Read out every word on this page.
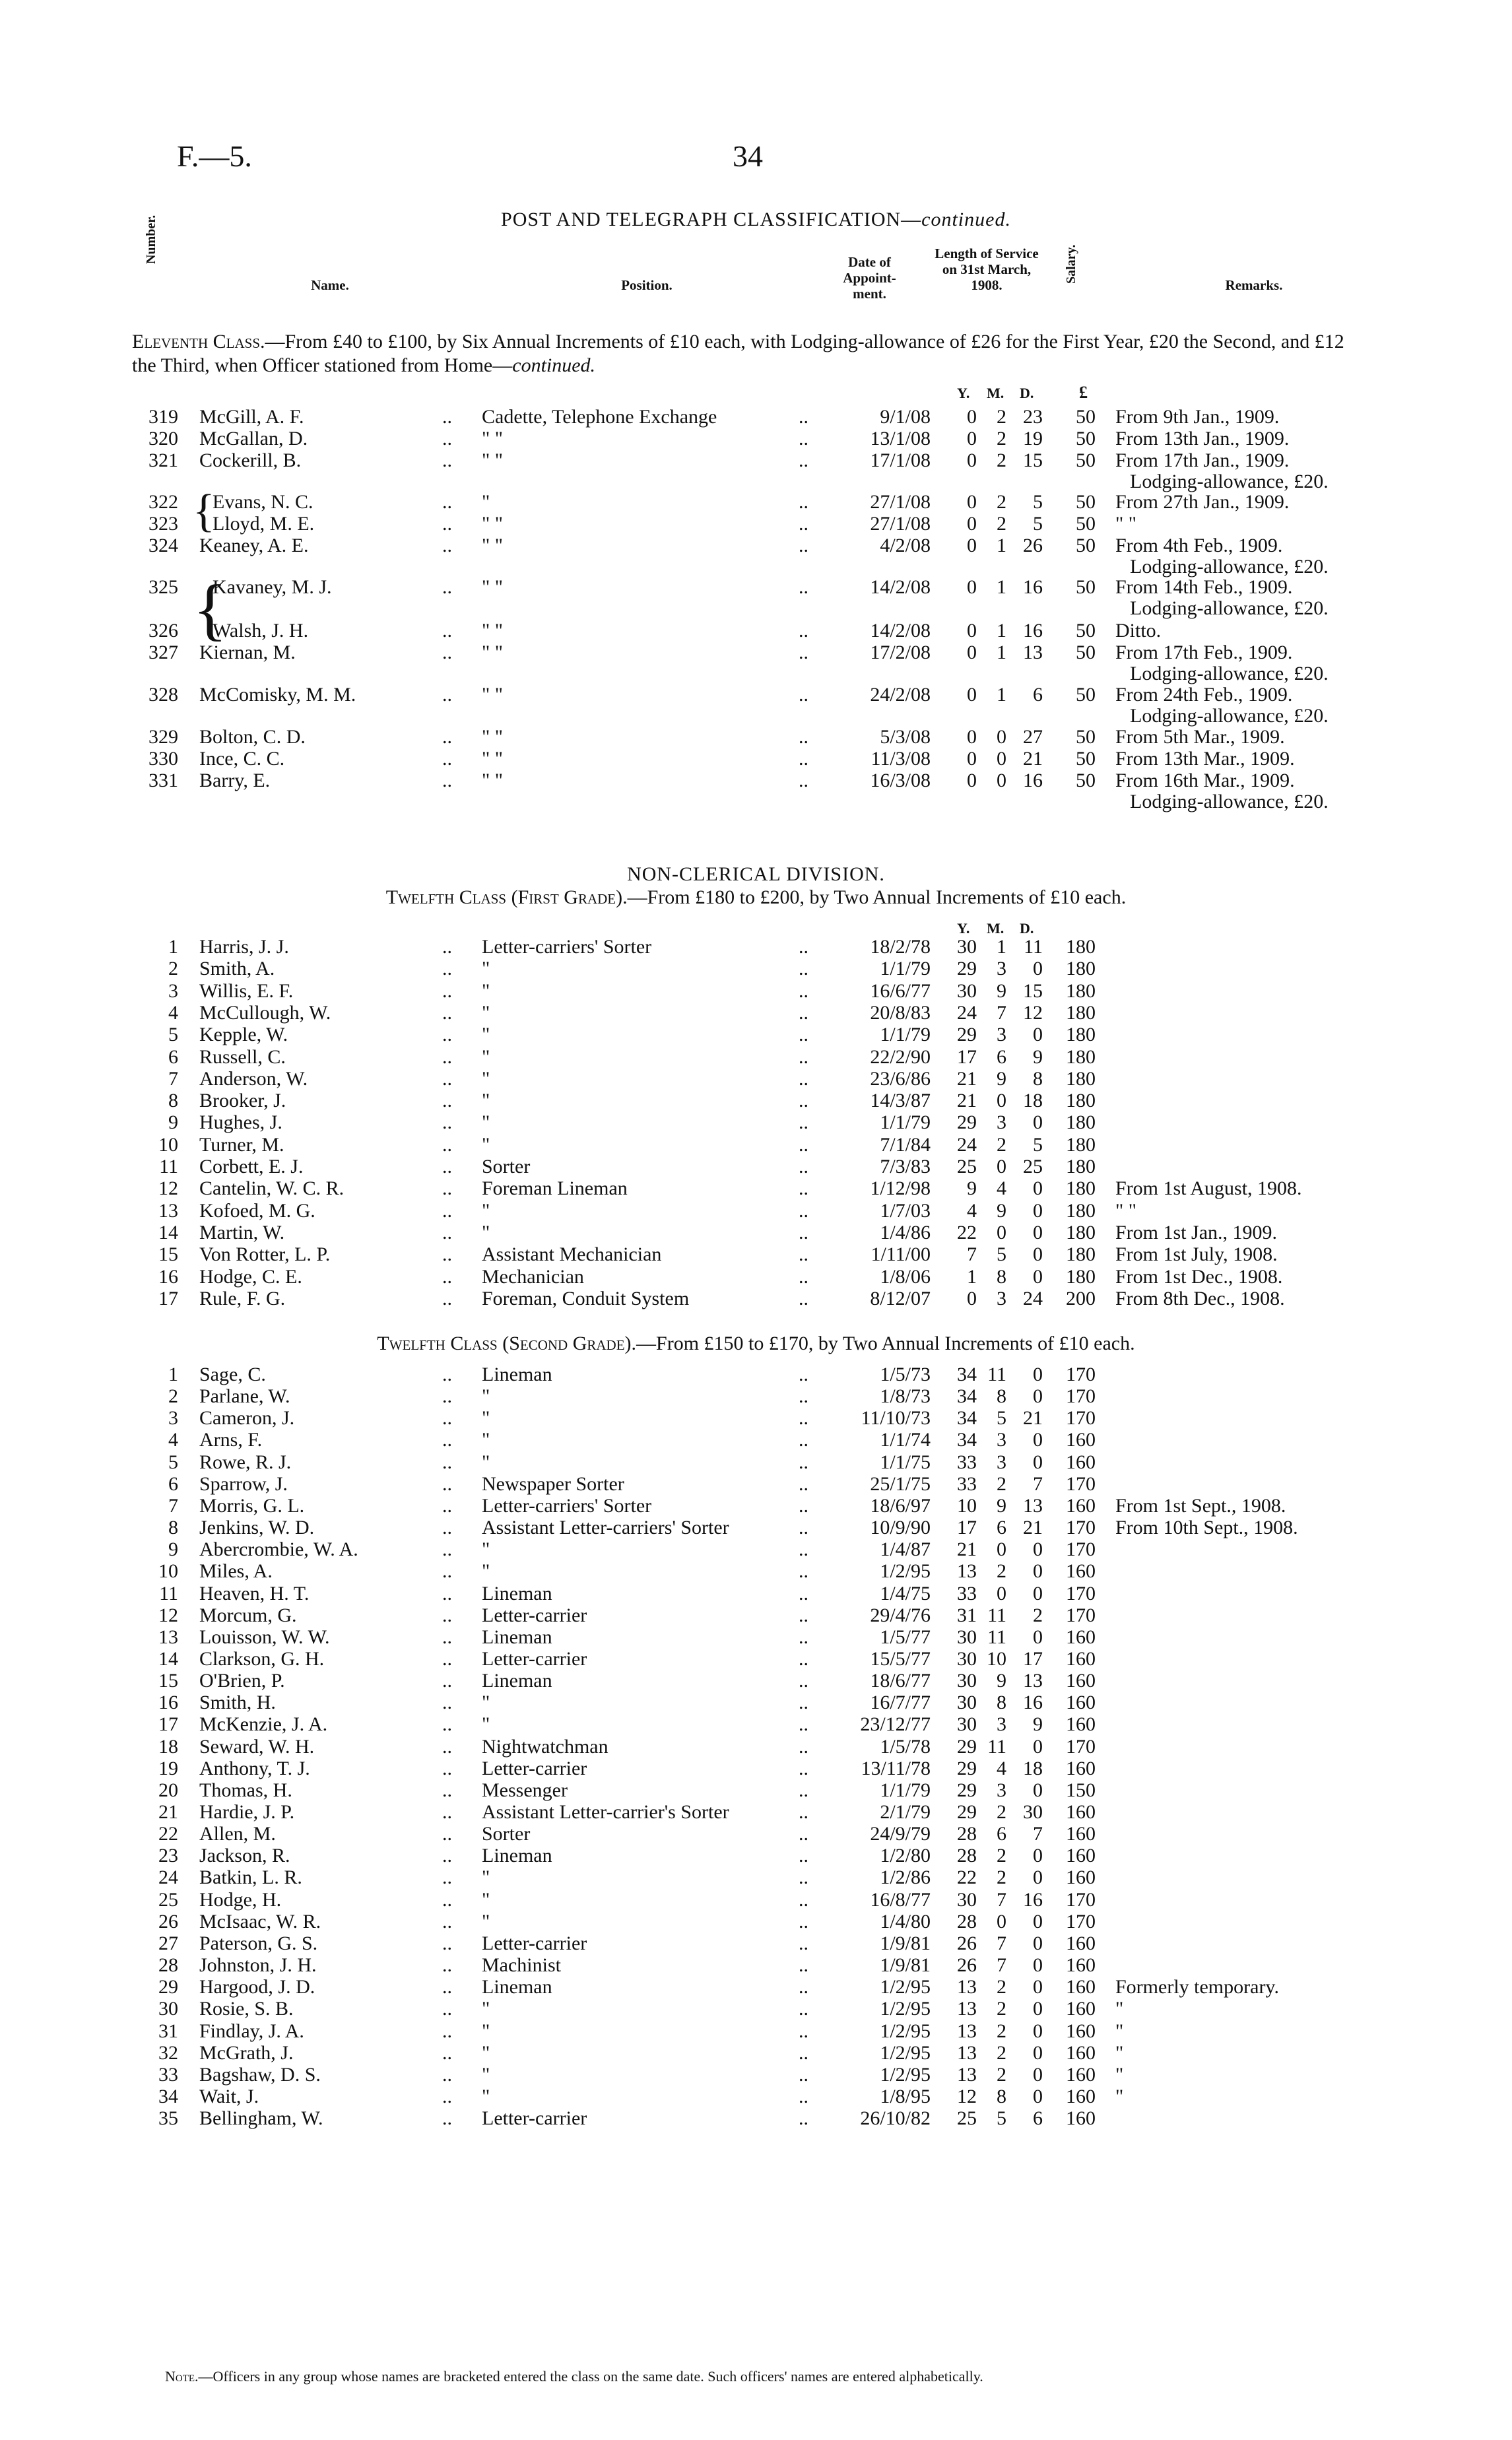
F.—5.	34
POST AND TELEGRAPH CLASSIFICATION—continued.
Number.
Name.	Position.
Date of Appoint-ment.
Length of Service on 31st March, 1908.
Salary.
Remarks.
Eleventh Class.—From £40 to £100, by Six Annual Increments of £10 each, with Lodging-allowance of £26 for the First Year, £20 the Second, and £12 the Third, when Officer stationed from Home—continued.
Y. M. D.	£
319 McGill, A. F.	.. Cadette, Telephone Exchange	..	9/1/08	0	2 23	50 From 9th Jan., 1909.
320 McGallan, D.	.. " "	..	13/1/08	0	2 19	50 From 13th Jan., 1909.
321 Cockerill, B.	.. " "	..	17/1/08	0	2 15	50 From 17th Jan., 1909.
Lodging-allowance, £20.
322 Evans, N. C.	.. "	..	27/1/08	0	2	5	50 From 27th Jan., 1909.
323 Lloyd, M. E.	.. " "	..	27/1/08	0	2	5	50 " "
324 Keaney, A. E.	.. " "	..	4/2/08	0	1 26	50 From 4th Feb., 1909.
Lodging-allowance, £20.
325 Kavaney, M. J.	.. " "	..	14/2/08	0	1 16	50 From 14th Feb., 1909.
Lodging-allowance, £20.
326 Walsh, J. H.	.. " "	..	14/2/08	0	1 16	50 Ditto.
327 Kiernan, M.	.. " "	..	17/2/08	0	1 13	50 From 17th Feb., 1909.
Lodging-allowance, £20.
328 McComisky, M. M.	.. " "	..	24/2/08	0	1	6	50 From 24th Feb., 1909.
Lodging-allowance, £20.
329 Bolton, C. D.	.. " "	..	5/3/08	0	0 27	50 From 5th Mar., 1909.
330 Ince, C. C.	.. " "	..	11/3/08	0	0 21	50 From 13th Mar., 1909.
331 Barry, E.	.. " "	..	16/3/08	0	0 16	50 From 16th Mar., 1909.
Lodging-allowance, £20.
{
{
NON-CLERICAL DIVISION.
Twelfth Class (First Grade).—From £180 to £200, by Two Annual Increments of £10 each.
Y. M. D.
1 Harris, J. J.	.. Letter-carriers' Sorter	..	18/2/78	30	1 11	180
2 Smith, A.	.. "	..	1/1/79	29	3	0	180
3 Willis, E. F.	.. "	..	16/6/77	30	9 15	180
4 McCullough, W.	.. "	..	20/8/83	24	7 12	180
5 Kepple, W.	.. "	..	1/1/79	29	3	0	180
6 Russell, C.	.. "	..	22/2/90	17	6	9	180
7 Anderson, W.	.. "	..	23/6/86	21	9	8	180
8 Brooker, J.	.. "	..	14/3/87	21	0 18	180
9 Hughes, J.	.. "	..	1/1/79	29	3	0	180
10 Turner, M.	.. "	..	7/1/84	24	2	5	180
11 Corbett, E. J.	.. Sorter	..	7/3/83	25	0 25	180
12 Cantelin, W. C. R.	.. Foreman Lineman	..	1/12/98	9	4	0	180 From 1st August, 1908.
13 Kofoed, M. G.	.. "	..	1/7/03	4	9	0	180 " "
14 Martin, W.	.. "	..	1/4/86	22	0	0	180 From 1st Jan., 1909.
15 Von Rotter, L. P.	.. Assistant Mechanician	..	1/11/00	7	5	0	180 From 1st July, 1908.
16 Hodge, C. E.	.. Mechanician	..	1/8/06	1	8	0	180 From 1st Dec., 1908.
17 Rule, F. G.	.. Foreman, Conduit System	..	8/12/07	0	3 24	200 From 8th Dec., 1908.
Twelfth Class (Second Grade).—From £150 to £170, by Two Annual Increments of £10 each.
1 Sage, C.	.. Lineman	..	1/5/73	34 11	0	170
2 Parlane, W.	.. "	..	1/8/73	34	8	0	170
3 Cameron, J.	.. "	..	11/10/73	34	5 21	170
4 Arns, F.	.. "	..	1/1/74	34	3	0	160
5 Rowe, R. J.	.. "	..	1/1/75	33	3	0	160
6 Sparrow, J.	.. Newspaper Sorter	..	25/1/75	33	2	7	170
7 Morris, G. L.	.. Letter-carriers' Sorter	..	18/6/97	10	9 13	160 From 1st Sept., 1908.
8 Jenkins, W. D.	.. Assistant Letter-carriers' Sorter	..	10/9/90	17	6 21	170 From 10th Sept., 1908.
9 Abercrombie, W. A.	.. "	..	1/4/87	21	0	0	170
10 Miles, A.	.. "	..	1/2/95	13	2	0	160
11 Heaven, H. T.	.. Lineman	..	1/4/75	33	0	0	170
12 Morcum, G.	.. Letter-carrier	..	29/4/76	31 11	2	170
13 Louisson, W. W.	.. Lineman	..	1/5/77	30 11	0	160
14 Clarkson, G. H.	.. Letter-carrier	..	15/5/77	30 10 17	160
15 O'Brien, P.	.. Lineman	..	18/6/77	30	9 13	160
16 Smith, H.	.. "	..	16/7/77	30	8 16	160
17 McKenzie, J. A.	.. "	..	23/12/77	30	3	9	160
18 Seward, W. H.	.. Nightwatchman	..	1/5/78	29 11	0	170
19 Anthony, T. J.	.. Letter-carrier	..	13/11/78	29	4 18	160
20 Thomas, H.	.. Messenger	..	1/1/79	29	3	0	150
21 Hardie, J. P.	.. Assistant Letter-carrier's Sorter	..	2/1/79	29	2 30	160
22 Allen, M.	.. Sorter	..	24/9/79	28	6	7	160
23 Jackson, R.	.. Lineman	..	1/2/80	28	2	0	160
24 Batkin, L. R.	.. "	..	1/2/86	22	2	0	160
25 Hodge, H.	.. "	..	16/8/77	30	7 16	170
26 McIsaac, W. R.	.. "	..	1/4/80	28	0	0	170
27 Paterson, G. S.	.. Letter-carrier	..	1/9/81	26	7	0	160
28 Johnston, J. H.	.. Machinist	..	1/9/81	26	7	0	160
29 Hargood, J. D.	.. Lineman	..	1/2/95	13	2	0	160 Formerly temporary.
30 Rosie, S. B.	.. "	..	1/2/95	13	2	0	160 "
31 Findlay, J. A.	.. "	..	1/2/95	13	2	0	160 "
32 McGrath, J.	.. "	..	1/2/95	13	2	0	160 "
33 Bagshaw, D. S.	.. "	..	1/2/95	13	2	0	160 "
34 Wait, J.	.. "	..	1/8/95	12	8	0	160 "
35 Bellingham, W.	.. Letter-carrier	..	26/10/82	25	5	6	160
Note.—Officers in any group whose names are bracketed entered the class on the same date. Such officers' names are entered alphabetically.
